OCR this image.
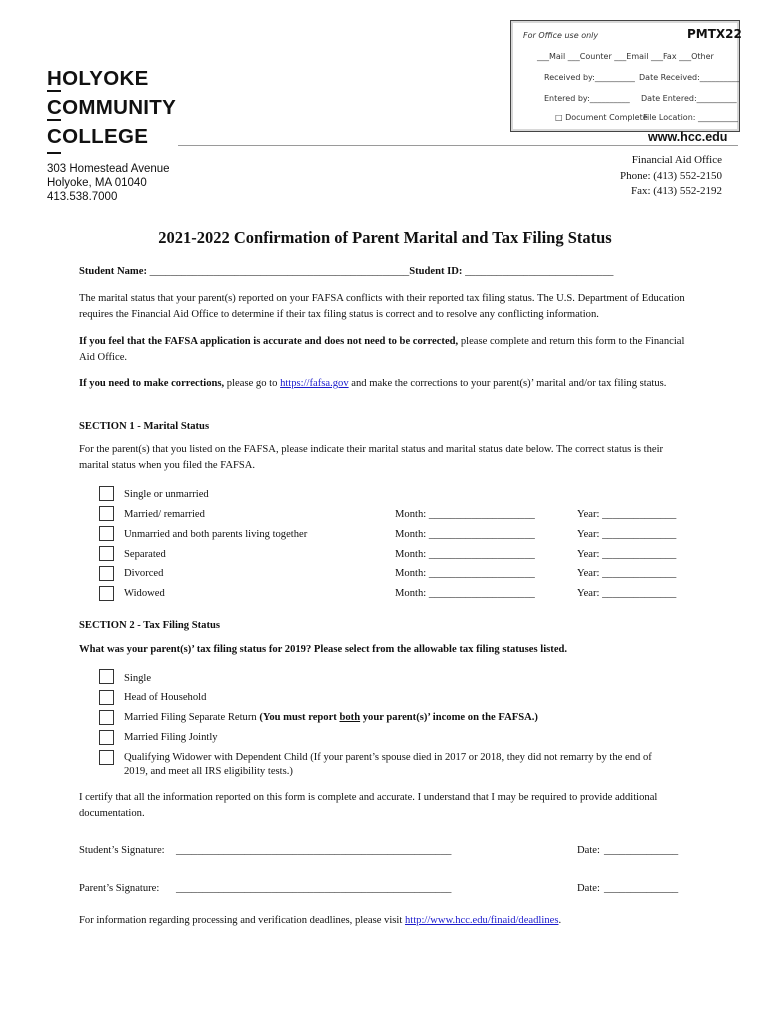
For Office use only	PMTX22
___Mail ___Counter ___Email ___Fax ___Other
Received by:__________ Date Received:__________
Entered by:__________ Date Entered:__________
□ Document Complete
File Location: __________
HOLYOKE
COMMUNITY
COLLEGE	www.hcc.edu
303 Homestead Avenue
Holyoke, MA 01040
413.538.7000
Financial Aid Office
Phone: (413) 552-2150
Fax: (413) 552-2192
2021-2022 Confirmation of Parent Marital and Tax Filing Status
Student Name: _________________________________________________Student ID: ____________________________
The marital status that your parent(s) reported on your FAFSA conflicts with their reported tax filing status. The U.S. Department of Education requires the Financial Aid Office to determine if their tax filing status is correct and to resolve any conflicting information.
If you feel that the FAFSA application is accurate and does not need to be corrected, please complete and return this form to the Financial Aid Office.
If you need to make corrections, please go to https://fafsa.gov and make the corrections to your parent(s)’ marital and/or tax filing status.
SECTION 1 - Marital Status
For the parent(s) that you listed on the FAFSA, please indicate their marital status and marital status date below. The correct status is their marital status when you filed the FAFSA.
Single or unmarried
Married/ remarried	Month: ____________________	Year: ______________
Unmarried and both parents living together	Month: ____________________	Year: ______________
Separated	Month: ____________________	Year: ______________
Divorced	Month: ____________________	Year: ______________
Widowed	Month: ____________________	Year: ______________
SECTION 2 - Tax Filing Status
What was your parent(s)’ tax filing status for 2019? Please select from the allowable tax filing statuses listed.
Single
Head of Household
Married Filing Separate Return (You must report both your parent(s)’ income on the FAFSA.)
Married Filing Jointly
Qualifying Widower with Dependent Child (If your parent’s spouse died in 2017 or 2018, they did not remarry by the end of
2019, and meet all IRS eligibility tests.)
I certify that all the information reported on this form is complete and accurate. I understand that I may be required to provide additional documentation.
Student’s Signature: ____________________________________________________	Date: ______________
Parent’s Signature: ____________________________________________________	Date: ______________
For information regarding processing and verification deadlines, please visit http://www.hcc.edu/finaid/deadlines.
